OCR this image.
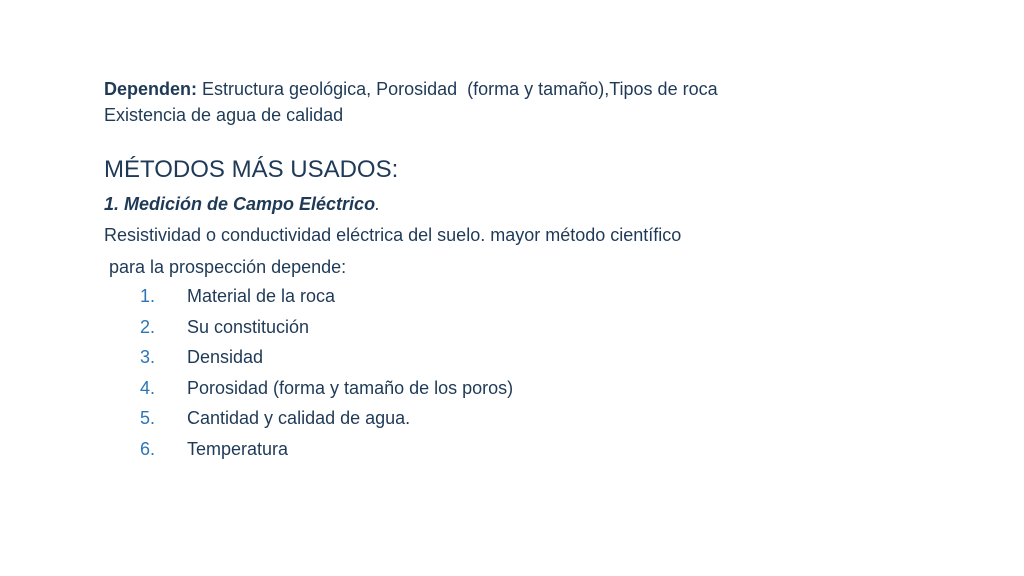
Dependen: Estructura geológica, Porosidad  (forma y tamaño),Tipos de roca
Existencia de agua de calidad
MÉTODOS MÁS USADOS:
1. Medición de Campo Eléctrico.
Resistividad o conductividad eléctrica del suelo. mayor método científico
para la prospección depende:
1.	Material de la roca
2.	Su constitución
3.	Densidad
4.	Porosidad (forma y tamaño de los poros)
5.	Cantidad y calidad de agua.
6.	Temperatura
